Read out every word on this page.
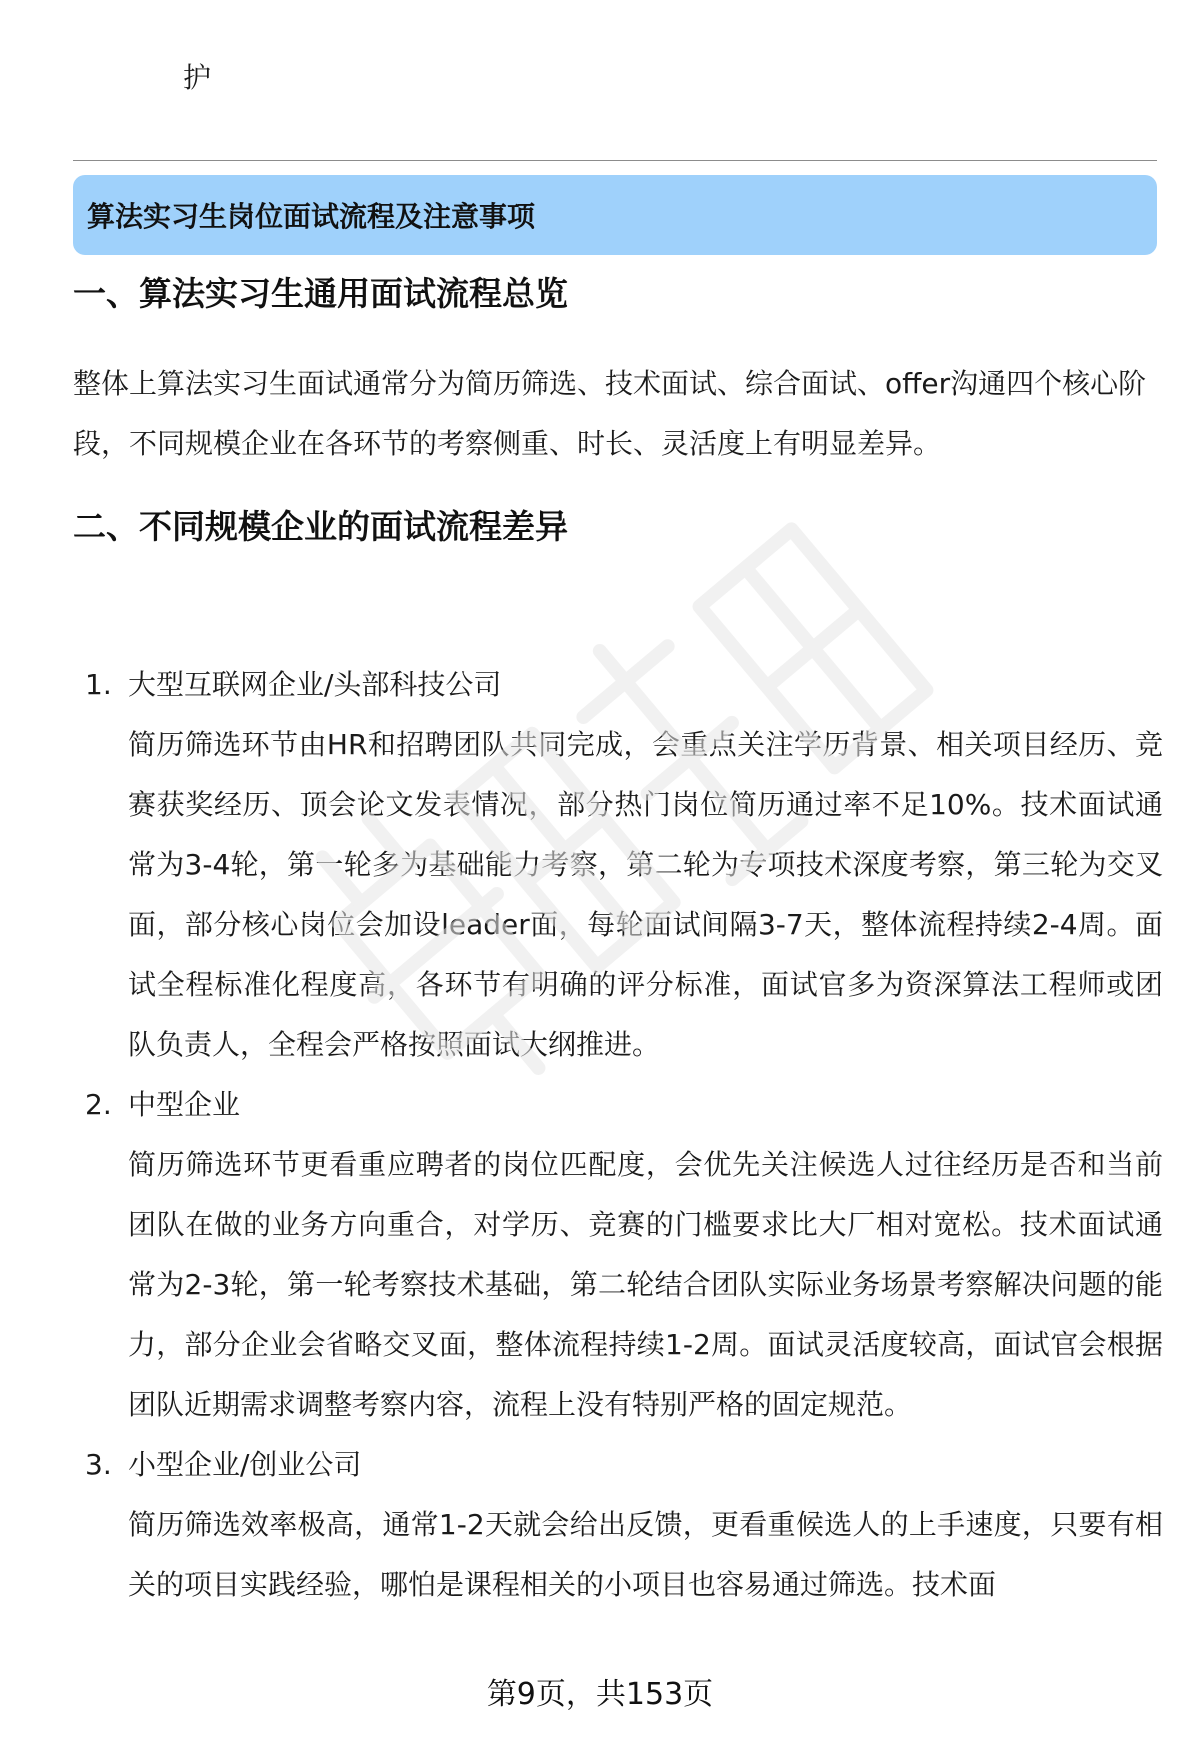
护
算法实习生岗位面试流程及注意事项
一、算法实习生通用面试流程总览
整体上算法实习生面试通常分为简历筛选、技术面试、综合面试、offer沟通四个核心阶段，不同规模企业在各环节的考察侧重、时长、灵活度上有明显差异。
二、不同规模企业的面试流程差异
1. 大型互联网企业/头部科技公司
简历筛选环节由HR和招聘团队共同完成，会重点关注学历背景、相关项目经历、竞赛获奖经历、顶会论文发表情况，部分热门岗位简历通过率不足10%。技术面试通常为3-4轮，第一轮多为基础能力考察，第二轮为专项技术深度考察，第三轮为交叉面，部分核心岗位会加设leader面，每轮面试间隔3-7天，整体流程持续2-4周。面试全程标准化程度高，各环节有明确的评分标准，面试官多为资深算法工程师或团队负责人，全程会严格按照面试大纲推进。
2. 中型企业
简历筛选环节更看重应聘者的岗位匹配度，会优先关注候选人过往经历是否和当前团队在做的业务方向重合，对学历、竞赛的门槛要求比大厂相对宽松。技术面试通常为2-3轮，第一轮考察技术基础，第二轮结合团队实际业务场景考察解决问题的能力，部分企业会省略交叉面，整体流程持续1-2周。面试灵活度较高，面试官会根据团队近期需求调整考察内容，流程上没有特别严格的固定规范。
3. 小型企业/创业公司
简历筛选效率极高，通常1-2天就会给出反馈，更看重候选人的上手速度，只要有相关的项目实践经验，哪怕是课程相关的小项目也容易通过筛选。技术面
第9页，共153页
